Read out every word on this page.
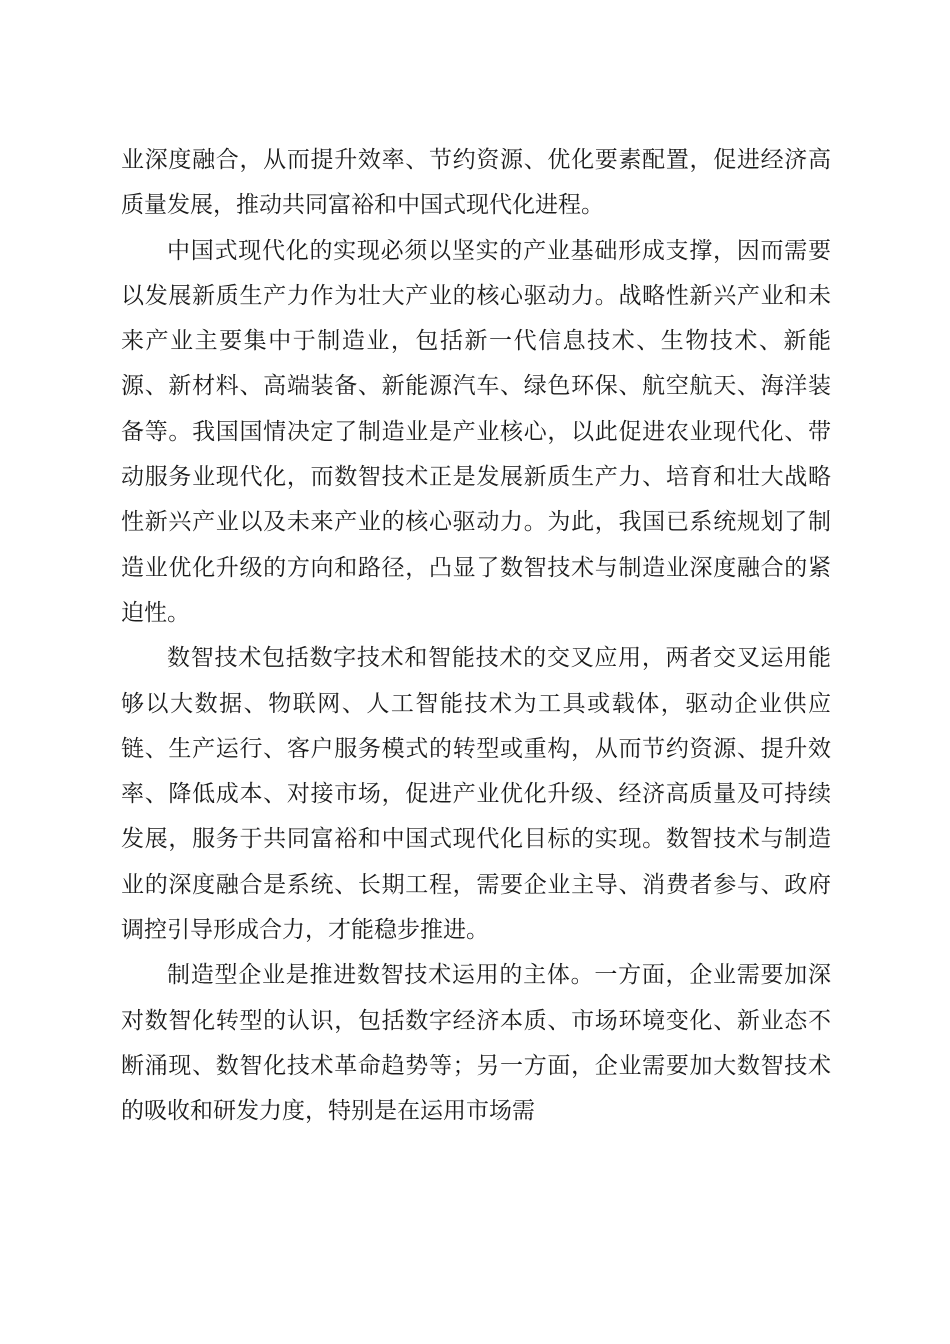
业深度融合，从而提升效率、节约资源、优化要素配置，促进经济高质量发展，推动共同富裕和中国式现代化进程。

中国式现代化的实现必须以坚实的产业基础形成支撑，因而需要以发展新质生产力作为壮大产业的核心驱动力。战略性新兴产业和未来产业主要集中于制造业，包括新一代信息技术、生物技术、新能源、新材料、高端装备、新能源汽车、绿色环保、航空航天、海洋装备等。我国国情决定了制造业是产业核心，以此促进农业现代化、带动服务业现代化，而数智技术正是发展新质生产力、培育和壮大战略性新兴产业以及未来产业的核心驱动力。为此，我国已系统规划了制造业优化升级的方向和路径，凸显了数智技术与制造业深度融合的紧迫性。

数智技术包括数字技术和智能技术的交叉应用，两者交叉运用能够以大数据、物联网、人工智能技术为工具或载体，驱动企业供应链、生产运行、客户服务模式的转型或重构，从而节约资源、提升效率、降低成本、对接市场，促进产业优化升级、经济高质量及可持续发展，服务于共同富裕和中国式现代化目标的实现。数智技术与制造业的深度融合是系统、长期工程，需要企业主导、消费者参与、政府调控引导形成合力，才能稳步推进。

制造型企业是推进数智技术运用的主体。一方面，企业需要加深对数智化转型的认识，包括数字经济本质、市场环境变化、新业态不断涌现、数智化技术革命趋势等；另一方面，企业需要加大数智技术的吸收和研发力度，特别是在运用市场需
